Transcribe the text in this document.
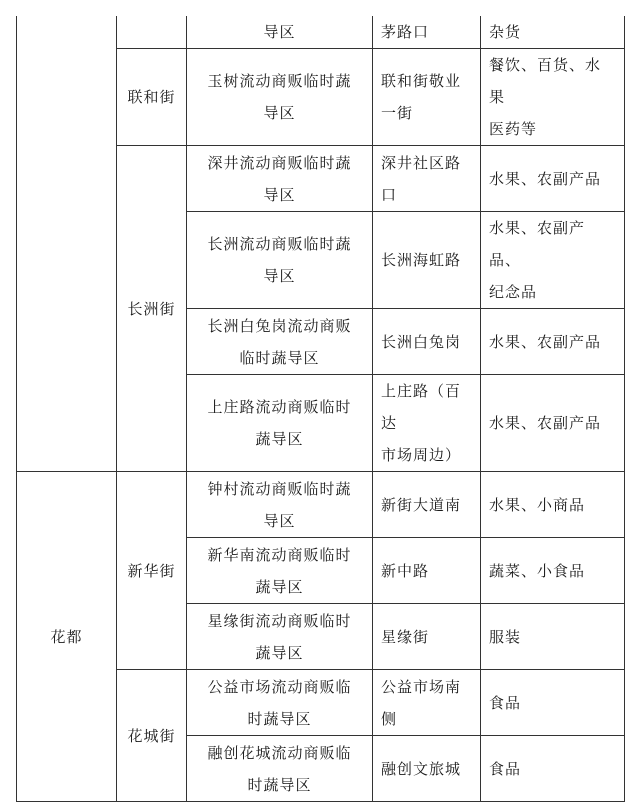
		导区	茅路口	杂货

	联和街	玉树流动商贩临时蔬
导区	联和街敬业
一街	餐饮、百货、水果
医药等

	长洲街	深井流动商贩临时蔬
导区	深井社区路
口	水果、农副产品

		长洲流动商贩临时蔬
导区	长洲海虹路	水果、农副产品、
纪念品

		长洲白兔岗流动商贩
临时蔬导区	长洲白兔岗	水果、农副产品

		上庄路流动商贩临时
蔬导区	上庄路（百达
市场周边）	水果、农副产品

花都	新华街	钟村流动商贩临时蔬
导区	新街大道南	水果、小商品

		新华南流动商贩临时
蔬导区	新中路	蔬菜、小食品

		星缘街流动商贩临时
蔬导区	星缘街	服装

	花城街	公益市场流动商贩临
时蔬导区	公益市场南
侧	食品

		融创花城流动商贩临
时蔬导区	融创文旅城	食品
